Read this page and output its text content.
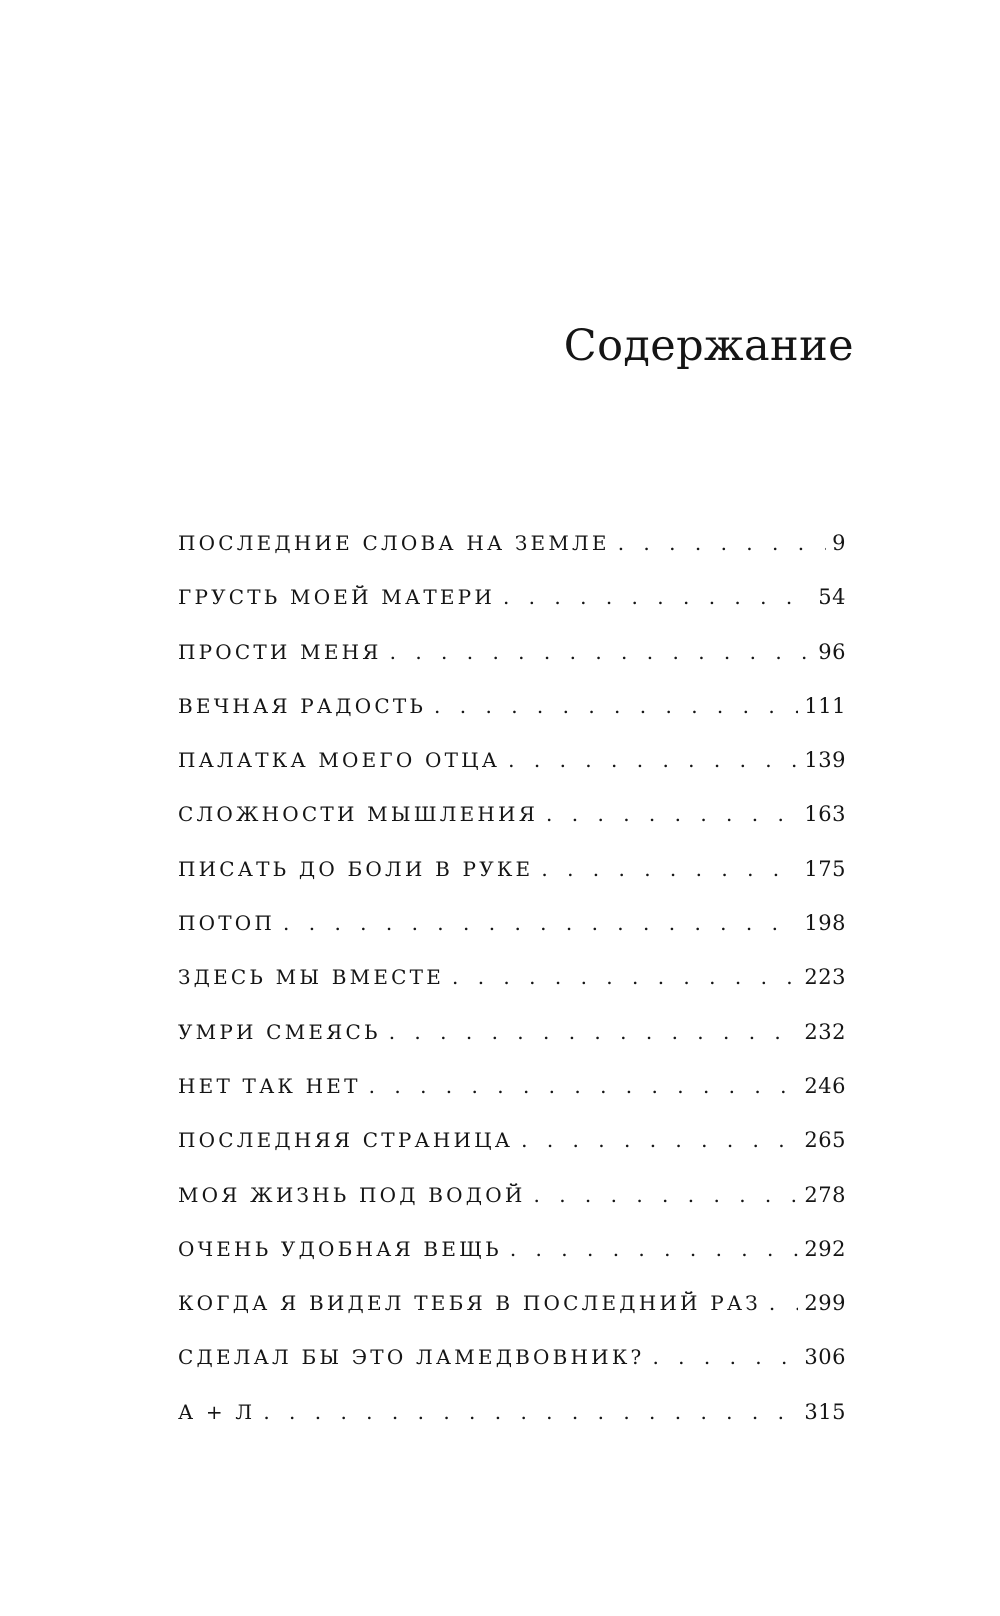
Содержание
ПОСЛЕДНИЕ СЛОВА НА ЗЕМЛЕ . . .	9
ГРУСТЬ МОЕЙ МАТЕРИ . . .	54
ПРОСТИ МЕНЯ . . .	96
ВЕЧНАЯ РАДОСТЬ . . .	111
ПАЛАТКА МОЕГО ОТЦА . . .	139
СЛОЖНОСТИ МЫШЛЕНИЯ . . .	163
ПИСАТЬ ДО БОЛИ В РУКЕ . . .	175
ПОТОП . . .	198
ЗДЕСЬ МЫ ВМЕСТЕ . . .	223
УМРИ СМЕЯСЬ . . .	232
НЕТ ТАК НЕТ . . .	246
ПОСЛЕДНЯЯ СТРАНИЦА . . .	265
МОЯ ЖИЗНЬ ПОД ВОДОЙ . . .	278
ОЧЕНЬ УДОБНАЯ ВЕЩЬ . . .	292
КОГДА Я ВИДЕЛ ТЕБЯ В ПОСЛЕДНИЙ РАЗ . . . 299
СДЕЛАЛ БЫ ЭТО ЛАМЕДВОВНИК? . . .	306
А + Л . . .	315
